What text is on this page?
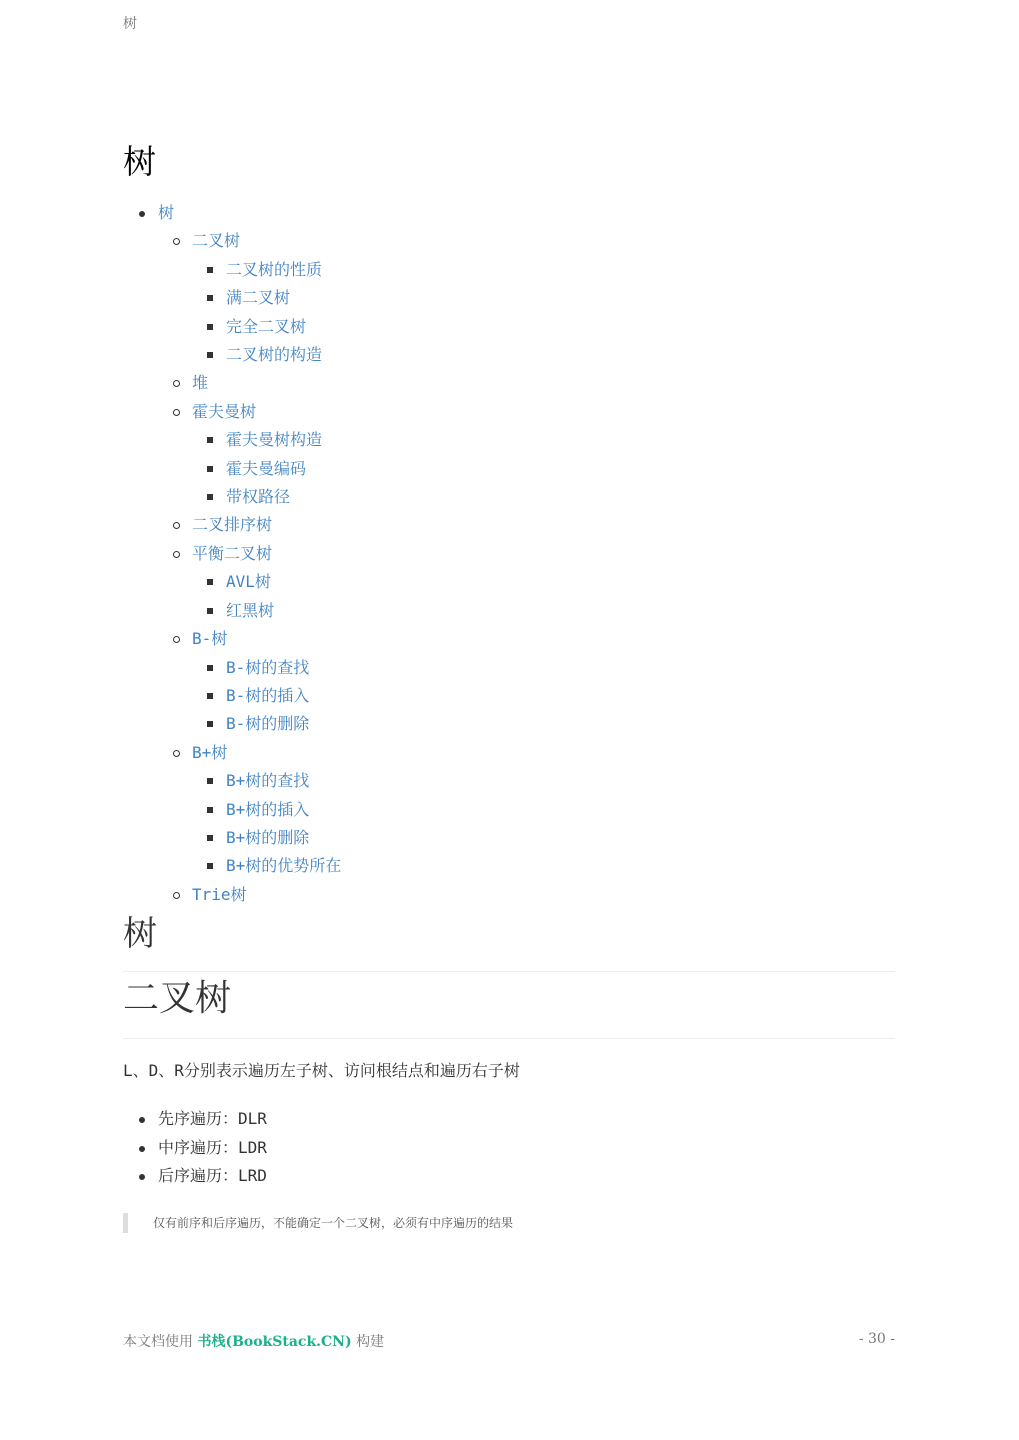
树
树
树
二叉树
二叉树的性质
满二叉树
完全二叉树
二叉树的构造
堆
霍夫曼树
霍夫曼树构造
霍夫曼编码
带权路径
二叉排序树
平衡二叉树
AVL树
红黑树
B-树
B-树的查找
B-树的插入
B-树的删除
B+树
B+树的查找
B+树的插入
B+树的删除
B+树的优势所在
Trie树
树
二叉树

L、D、R分别表示遍历左子树、访问根结点和遍历右子树

先序遍历：DLR
中序遍历：LDR
后序遍历：LRD
仅有前序和后序遍历，不能确定一个二叉树，必须有中序遍历的结果
本文档使用 书栈(BookStack.CN) 构建	- 30 -
